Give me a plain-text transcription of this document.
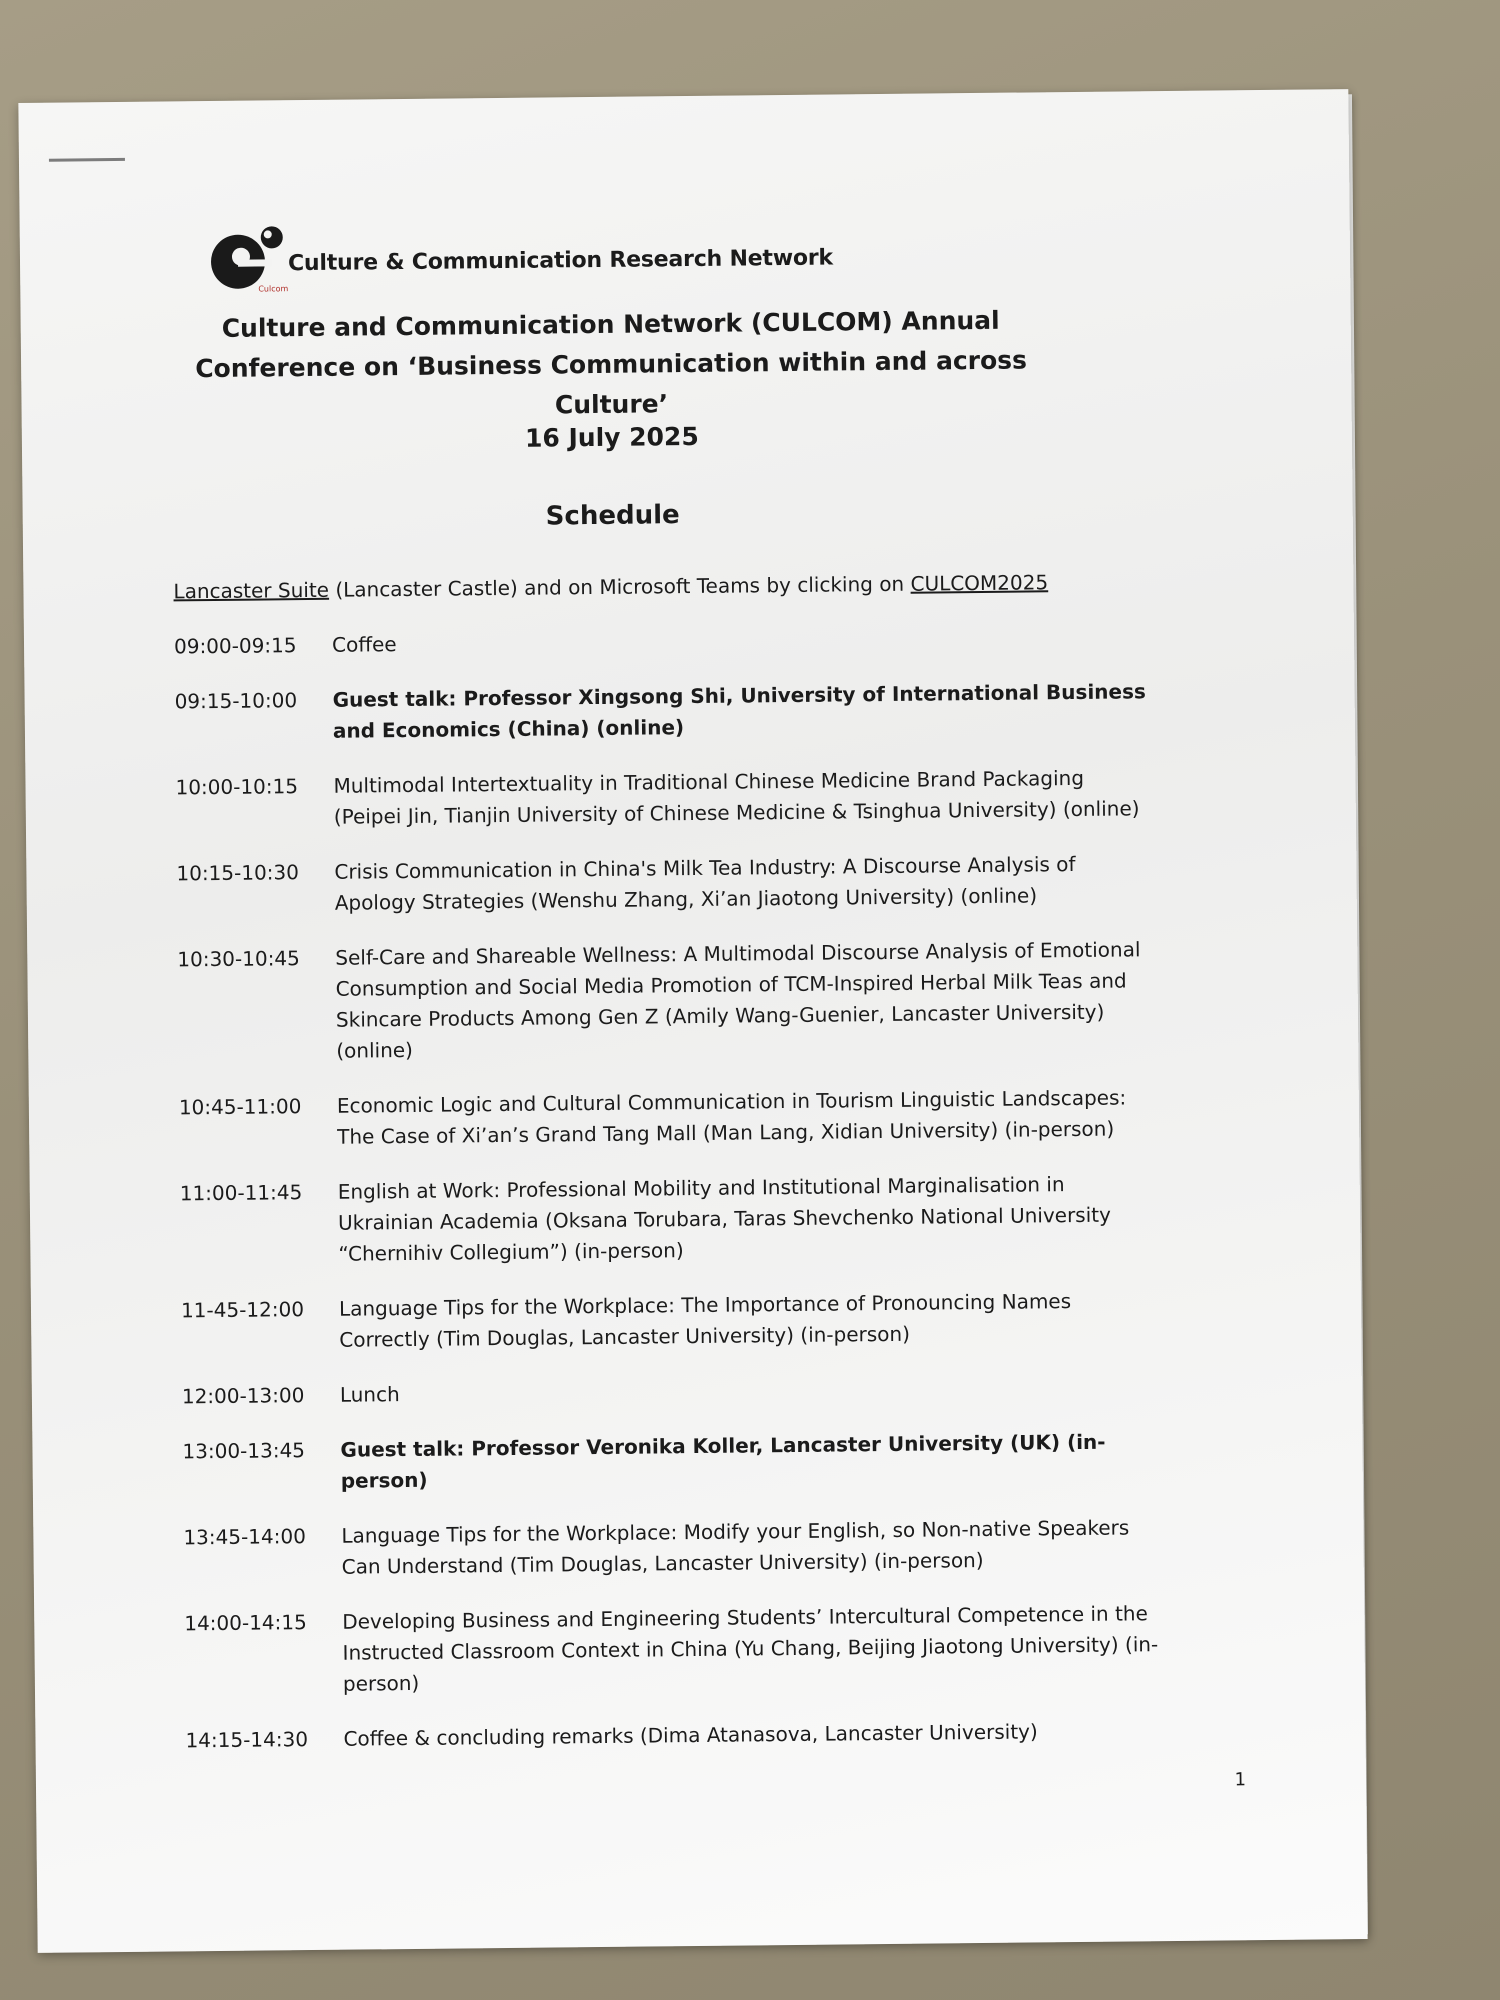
Culcom
Culture & Communication Research Network
Culture and Communication Network (CULCOM) Annual
Conference on ‘Business Communication within and across Culture’
16 July 2025
Schedule
Lancaster Suite (Lancaster Castle) and on Microsoft Teams by clicking on CULCOM2025
09:00-09:15	Coffee
09:15-10:00	Guest talk: Professor Xingsong Shi, University of International Business and Economics (China) (online)
10:00-10:15	Multimodal Intertextuality in Traditional Chinese Medicine Brand Packaging (Peipei Jin, Tianjin University of Chinese Medicine & Tsinghua University) (online)
10:15-10:30	Crisis Communication in China's Milk Tea Industry: A Discourse Analysis of Apology Strategies (Wenshu Zhang, Xi’an Jiaotong University) (online)
10:30-10:45	Self-Care and Shareable Wellness: A Multimodal Discourse Analysis of Emotional Consumption and Social Media Promotion of TCM-Inspired Herbal Milk Teas and Skincare Products Among Gen Z (Amily Wang-Guenier, Lancaster University) (online)
10:45-11:00	Economic Logic and Cultural Communication in Tourism Linguistic Landscapes: The Case of Xi’an’s Grand Tang Mall (Man Lang, Xidian University) (in-person)
11:00-11:45	English at Work: Professional Mobility and Institutional Marginalisation in Ukrainian Academia (Oksana Torubara, Taras Shevchenko National University “Chernihiv Collegium”) (in-person)
11-45-12:00	Language Tips for the Workplace: The Importance of Pronouncing Names Correctly (Tim Douglas, Lancaster University) (in-person)
12:00-13:00	Lunch
13:00-13:45	Guest talk: Professor Veronika Koller, Lancaster University (UK) (in-person)
13:45-14:00	Language Tips for the Workplace: Modify your English, so Non-native Speakers Can Understand (Tim Douglas, Lancaster University) (in-person)
14:00-14:15	Developing Business and Engineering Students’ Intercultural Competence in the Instructed Classroom Context in China (Yu Chang, Beijing Jiaotong University) (in-person)
14:15-14:30	Coffee & concluding remarks (Dima Atanasova, Lancaster University)
1
